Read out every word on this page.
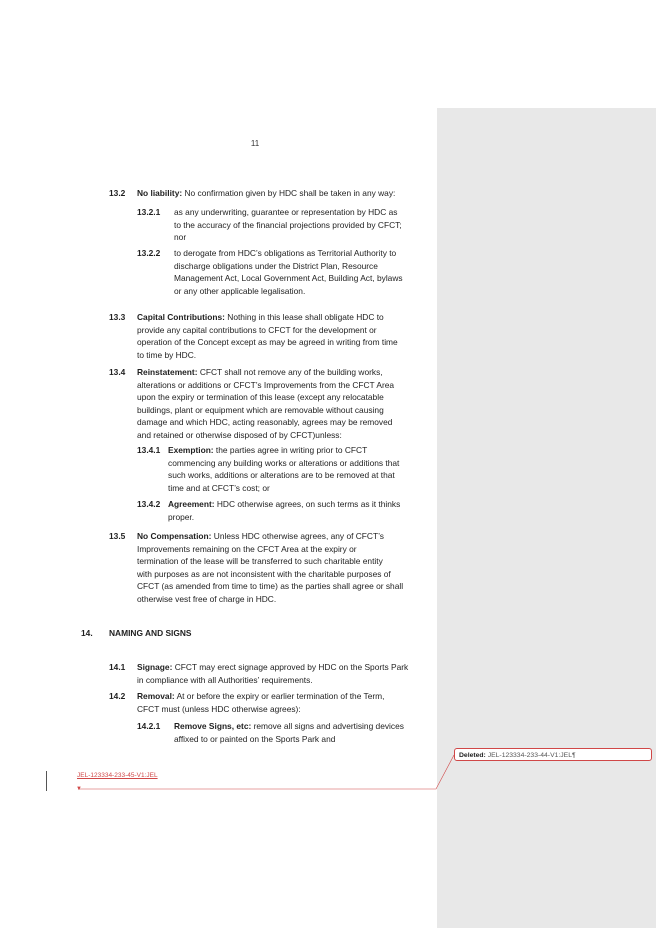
11
13.2 No liability: No confirmation given by HDC shall be taken in any way:

13.2.1 as any underwriting, guarantee or representation by HDC as
to the accuracy of the financial projections provided by CFCT;
nor
13.2.2 to derogate from HDC’s obligations as Territorial Authority to
discharge obligations under the District Plan, Resource
Management Act, Local Government Act, Building Act, bylaws
or any other applicable legalisation.
13.3 Capital Contributions: Nothing in this lease shall obligate HDC to
provide any capital contributions to CFCT for the development or
operation of the Concept except as may be agreed in writing from time
to time by HDC.
13.4 Reinstatement: CFCT shall not remove any of the building works,
alterations or additions or CFCT’s Improvements from the CFCT Area
upon the expiry or termination of this lease (except any relocatable
buildings, plant or equipment which are removable without causing
damage and which HDC, acting reasonably, agrees may be removed
and retained or otherwise disposed of by CFCT)unless:
13.4.1 Exemption: the parties agree in writing prior to CFCT
commencing any building works or alterations or additions that
such works, additions or alterations are to be removed at that
time and at CFCT’s cost; or
13.4.2 Agreement: HDC otherwise agrees, on such terms as it thinks
proper.
13.5 No Compensation: Unless HDC otherwise agrees, any of CFCT’s
Improvements remaining on the CFCT Area at the expiry or
termination of the lease will be transferred to such charitable entity
with purposes as are not inconsistent with the charitable purposes of
CFCT (as amended from time to time) as the parties shall agree or shall
otherwise vest free of charge in HDC.
14. NAMING AND SIGNS
14.1 Signage: CFCT may erect signage approved by HDC on the Sports Park
in compliance with all Authorities’ requirements.
14.2 Removal: At or before the expiry or earlier termination of the Term,
CFCT must (unless HDC otherwise agrees):
14.2.1 Remove Signs, etc: remove all signs and advertising devices
affixed to or painted on the Sports Park and
JEL-123334-233-45-V1:JEL
▼
Deleted: JEL-123334-233-44-V1:JEL¶
